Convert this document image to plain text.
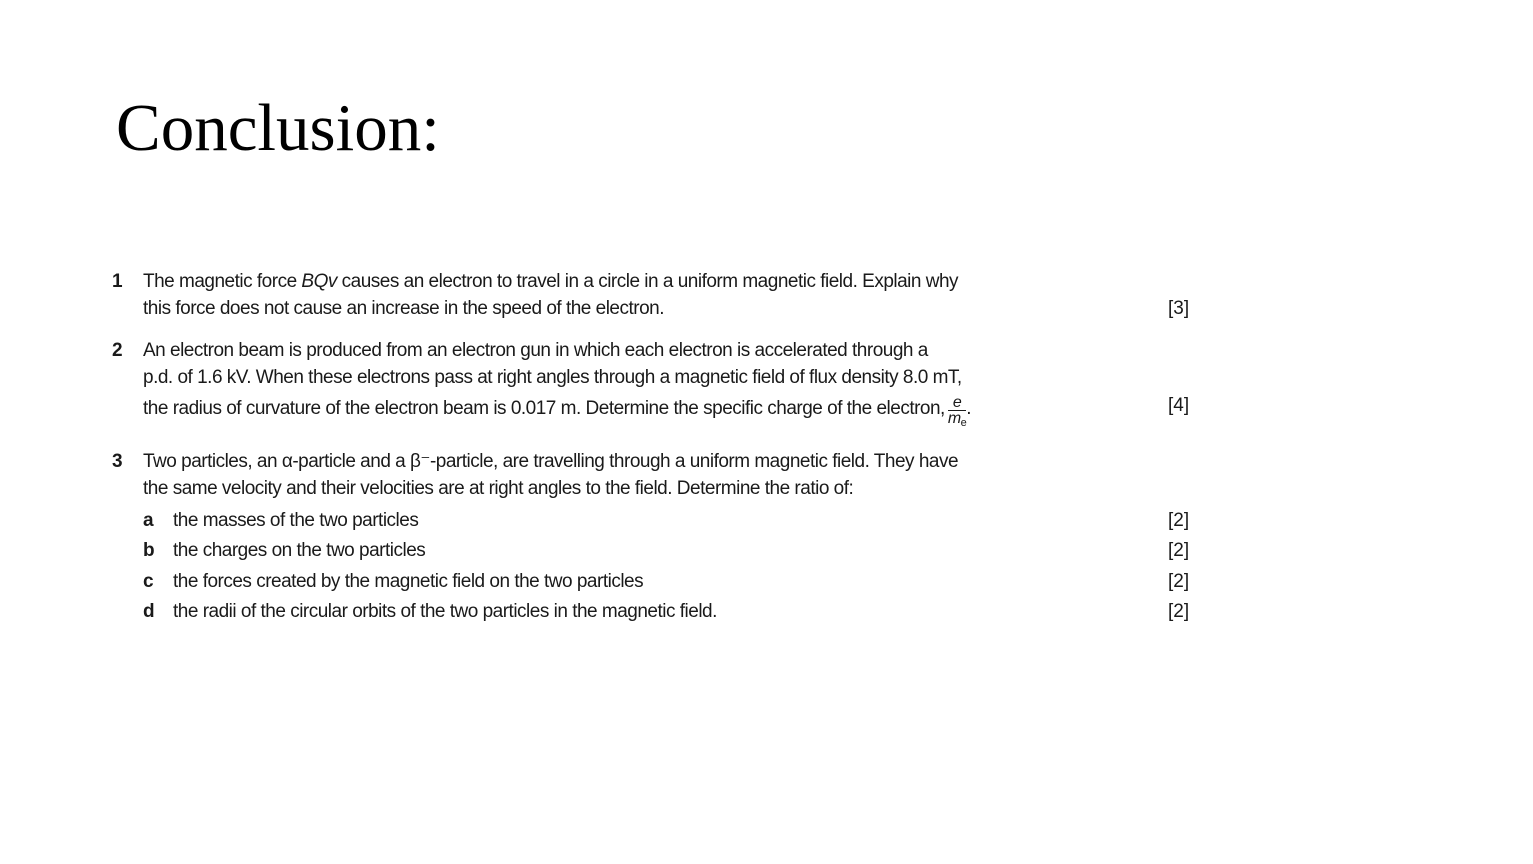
Conclusion:
1 The magnetic force BQv causes an electron to travel in a circle in a uniform magnetic field. Explain why
this force does not cause an increase in the speed of the electron.	[3]
2 An electron beam is produced from an electron gun in which each electron is accelerated through a
p.d. of 1.6 kV. When these electrons pass at right angles through a magnetic field of flux density 8.0 mT,
the radius of curvature of the electron beam is 0.017 m. Determine the specific charge of the electron, $\frac{e}{m_e}$ .	[4]
3 Two particles, an α-particle and a β⁻-particle, are travelling through a uniform magnetic field. They have
the same velocity and their velocities are at right angles to the field. Determine the ratio of:
a the masses of the two particles	[2]
b the charges on the two particles	[2]
c the forces created by the magnetic field on the two particles	[2]
d the radii of the circular orbits of the two particles in the magnetic field.	[2]
